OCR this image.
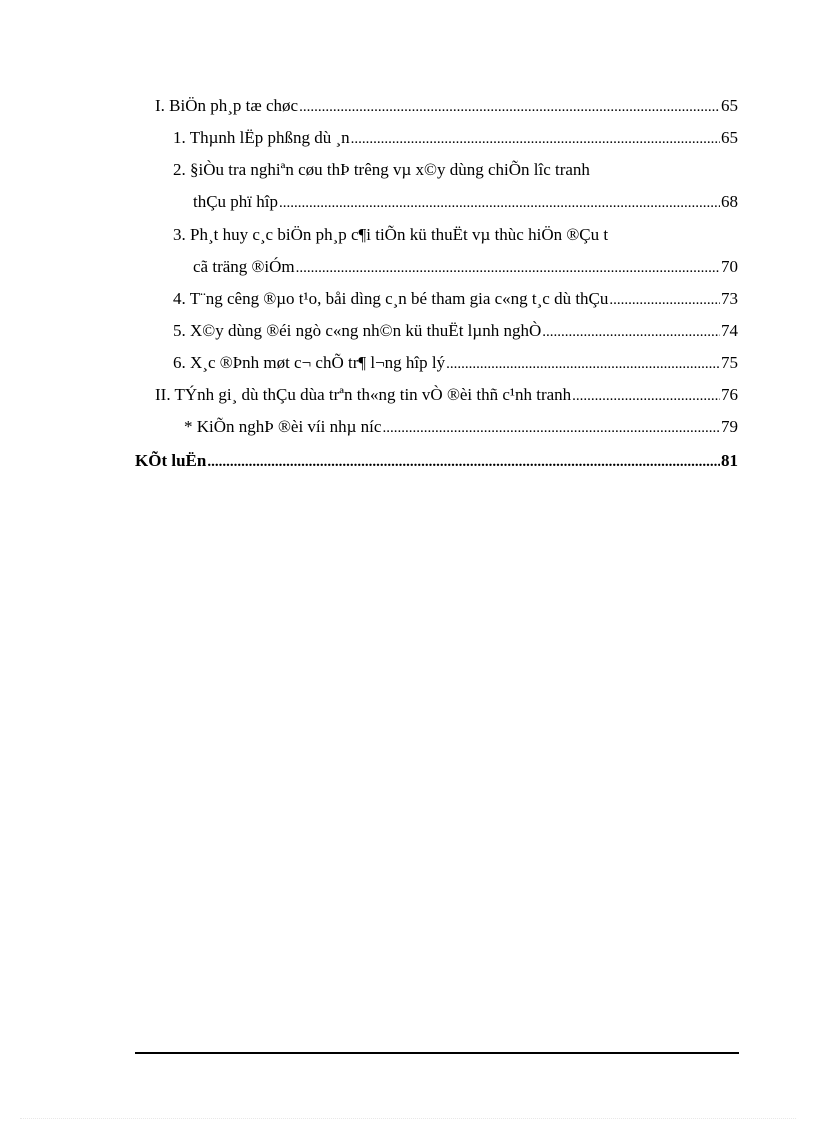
I. BiÖn ph¸p tæ chøc .....	65
1. Thµnh lËp phßng dù ¸n .....	65
2. §iÒu tra nghiªn cøu thÞ trêng vµ x©y dùng chiÕn lîc tranh
thÇu phï hîp .....	68
3. Ph¸t huy c¸c biÖn ph¸p c¶i tiÕn kü thuËt vµ thùc hiÖn ®Çu t
cã träng ®iÓm .....	70
4. T¨ng cêng ®µo t¹o, båi dìng c¸n bé tham gia c«ng t¸c dù thÇu .....	73
5. X©y dùng ®éi ngò c«ng nh©n kü thuËt lµnh nghÒ .....	74
6. X¸c ®Þnh møt c¬ chÕ tr¶ l¬ng hîp lý .....	75
II. TÝnh gi¸ dù thÇu dùa trªn th«ng tin vÒ ®èi thñ c¹nh tranh .....	76
* KiÕn nghÞ ®èi víi nhµ níc .....	79
KÕt luËn .....	81
